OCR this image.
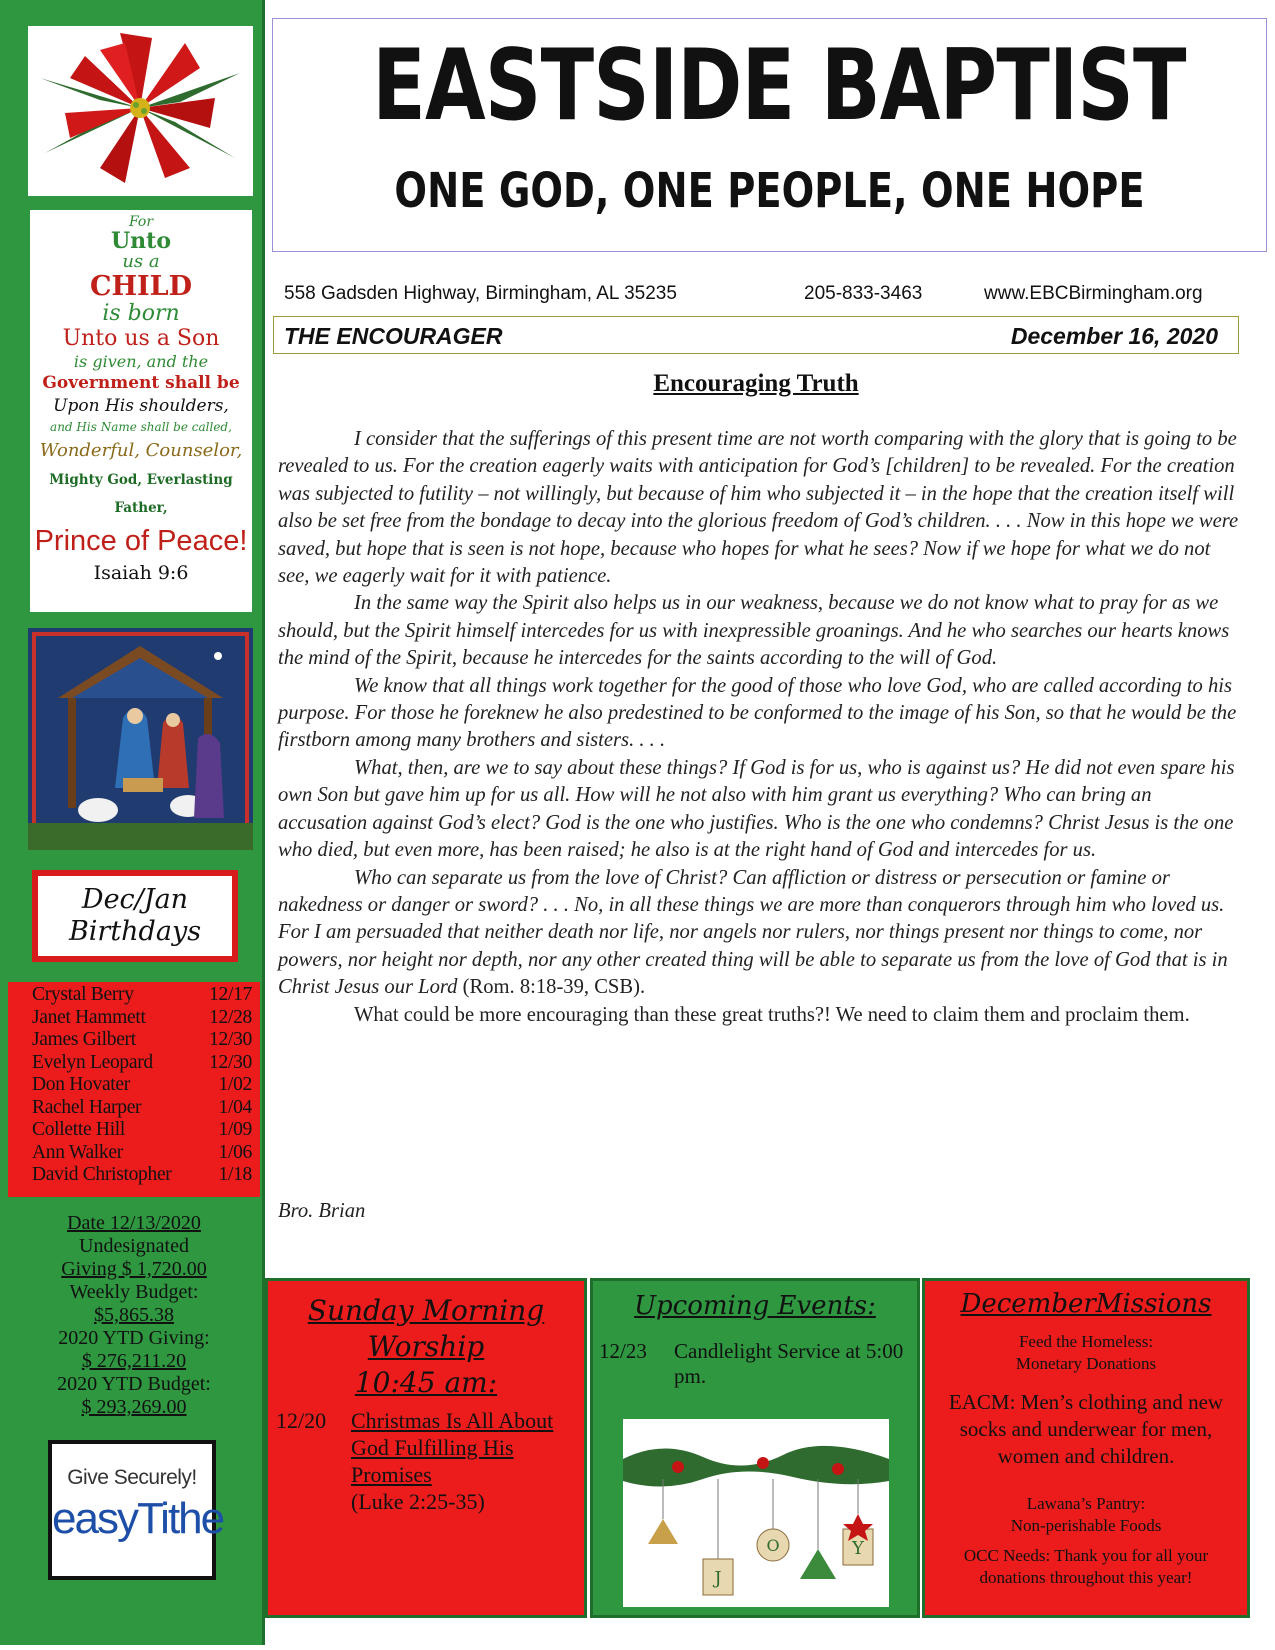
For
Unto
us a
CHILD
is born
Unto us a Son
is given, and the
Government shall be
Upon His shoulders,
and His Name shall be called,
Wonderful, Counselor,
Mighty God, Everlasting Father,
Prince of Peace!
Isaiah 9:6
Dec/Jan
Birthdays
Crystal Berry	12/17
Janet Hammett	12/28
James Gilbert	12/30
Evelyn Leopard	12/30
Don Hovater	1/02
Rachel Harper	1/04
Collette Hill	1/09
Ann Walker	1/06
David Christopher 1/18
Date 12/13/2020
Undesignated
Giving $ 1,720.00
Weekly Budget:
$5,865.38
2020 YTD Giving:
$ 276,211.20
2020 YTD Budget:
$ 293,269.00
Give Securely!
easyTithe
EASTSIDE BAPTIST
ONE GOD, ONE PEOPLE, ONE HOPE
558 Gadsden Highway, Birmingham, AL 35235	205-833-3463	www.EBCBirmingham.org
THE ENCOURAGER	December 16, 2020
Encouraging Truth

I consider that the sufferings of this present time are not worth comparing with the glory that is going to be revealed to us. For the creation eagerly waits with anticipation for God’s [children] to be revealed. For the creation was subjected to futility – not willingly, but because of him who subjected it – in the hope that the creation itself will also be set free from the bondage to decay into the glorious freedom of God’s children. . . . Now in this hope we were saved, but hope that is seen is not hope, because who hopes for what he sees? Now if we hope for what we do not see, we eagerly wait for it with patience.

In the same way the Spirit also helps us in our weakness, because we do not know what to pray for as we should, but the Spirit himself intercedes for us with inexpressible groanings. And he who searches our hearts knows the mind of the Spirit, because he intercedes for the saints according to the will of God.

We know that all things work together for the good of those who love God, who are called according to his purpose. For those he foreknew he also predestined to be conformed to the image of his Son, so that he would be the firstborn among many brothers and sisters. . . .

What, then, are we to say about these things? If God is for us, who is against us? He did not even spare his own Son but gave him up for us all. How will he not also with him grant us everything? Who can bring an accusation against God’s elect? God is the one who justifies. Who is the one who condemns? Christ Jesus is the one who died, but even more, has been raised; he also is at the right hand of God and intercedes for us.

Who can separate us from the love of Christ? Can affliction or distress or persecution or famine or nakedness or danger or sword? . . . No, in all these things we are more than conquerors through him who loved us. For I am persuaded that neither death nor life, nor angels nor rulers, nor things present nor things to come, nor powers, nor height nor depth, nor any other created thing will be able to separate us from the love of God that is in Christ Jesus our Lord (Rom. 8:18-39, CSB).

What could be more encouraging than these great truths?! We need to claim them and proclaim them.

Bro. Brian
Sunday Morning
Worship
10:45 am:
12/20 Christmas Is All About God Fulfilling His Promises
(Luke 2:25-35)
Upcoming Events:
12/23 Candlelight Service at 5:00 pm.
J
O	Y
DecemberMissions
Feed the Homeless:
Monetary Donations
EACM: Men’s clothing and new socks and underwear for men, women and children.
Lawana’s Pantry:
Non-perishable Foods
OCC Needs: Thank you for all your donations throughout this year!
